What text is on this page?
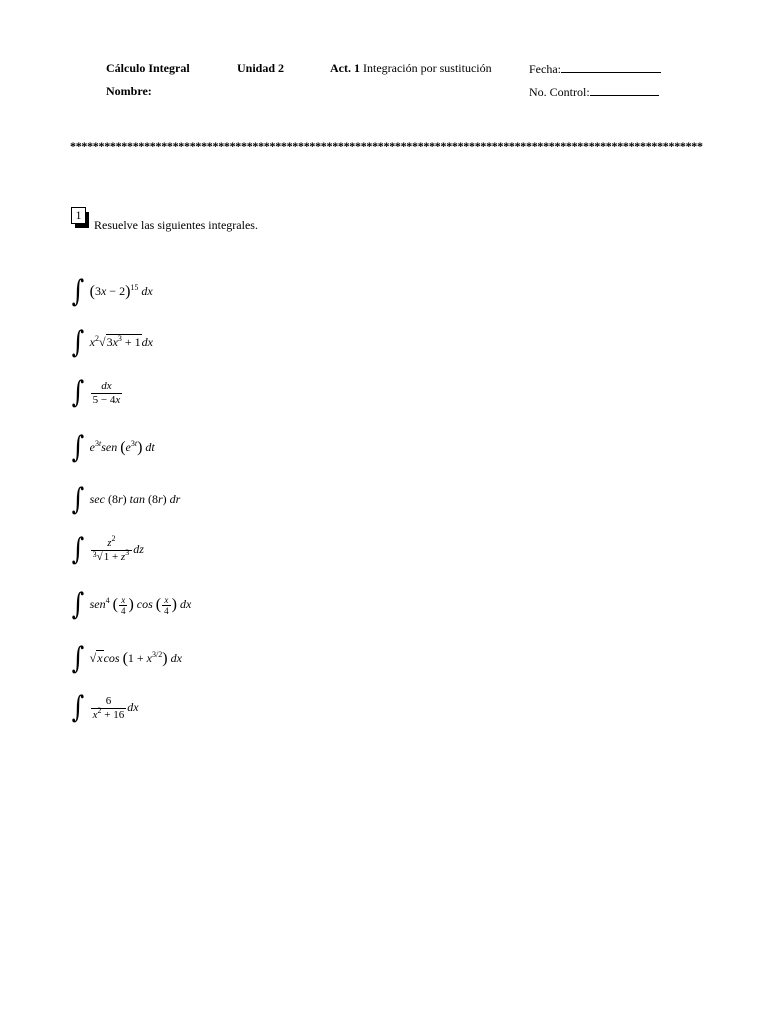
Cálculo Integral	Unidad 2	Act. 1 Integración por sustitución	Fecha:
Nombre:	No. Control:
***************************************************************************************************************
1
Resuelve las siguientes integrales.
∫ $(3x - 2)^{15}$ dx
∫ $x^2√3x^3 + 1dx$
∫ $\frac{dx}{5 - 4x}$
∫ $e^{3t}sen$ $(e^{3t})$ dt
∫ sec (8r) tan (8r) dr
∫ $\frac{z^2}{^3√1 + z^3}$ dz
∫ sen$^4$ ( $\frac{x}{4}$ ) cos ( $\frac{x}{4}$ ) dx
∫ √xcos $(1 + x^{3/2})$ dx
∫ $\frac{6}{x^2 + 16}$ dx
